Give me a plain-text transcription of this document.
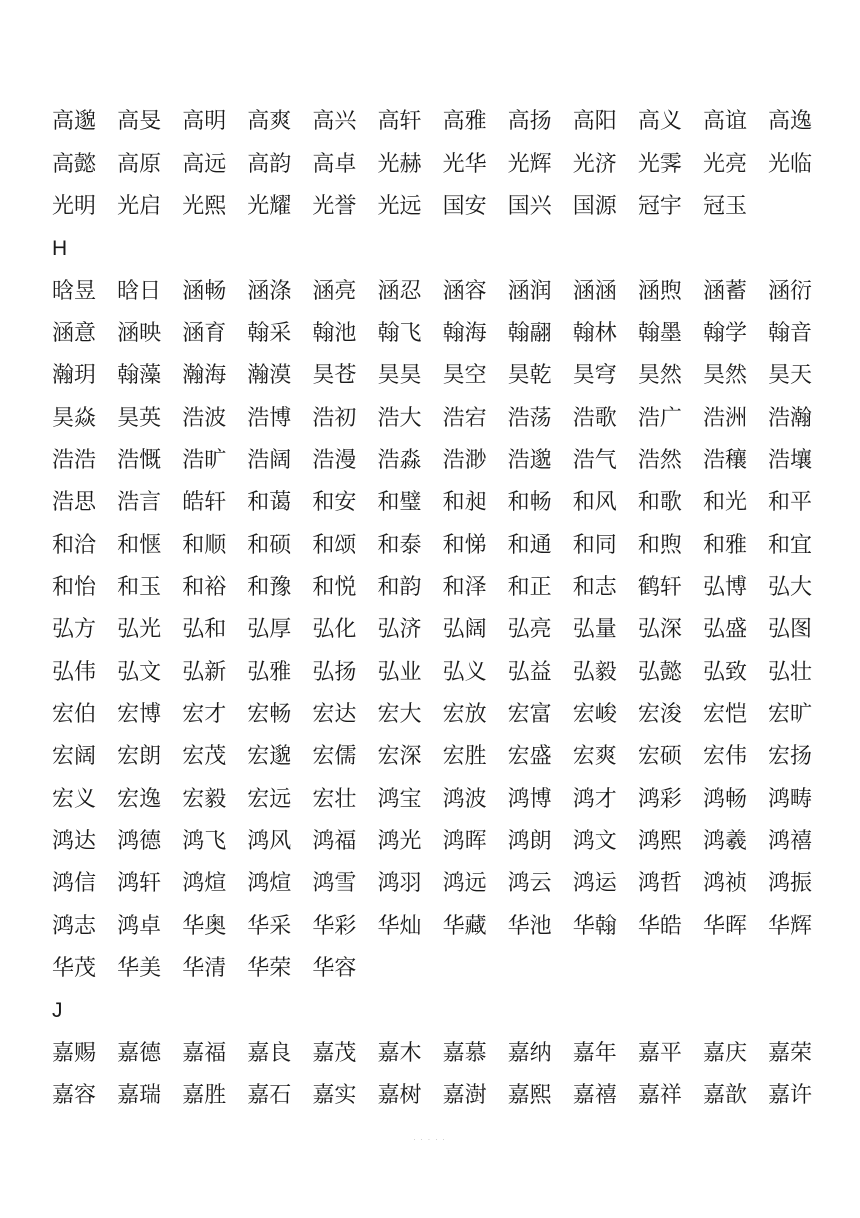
高邈 高旻 高明 高爽 高兴 高轩 高雅 高扬 高阳 高义 高谊 高逸
高懿 高原 高远 高韵 高卓 光赫 光华 光辉 光济 光霁 光亮 光临
光明 光启 光熙 光耀 光誉 光远 国安 国兴 国源 冠宇 冠玉
H
晗昱 晗日 涵畅 涵涤 涵亮 涵忍 涵容 涵润 涵涵 涵煦 涵蓄 涵衍
涵意 涵映 涵育 翰采 翰池 翰飞 翰海 翰翮 翰林 翰墨 翰学 翰音
瀚玥 翰藻 瀚海 瀚漠 昊苍 昊昊 昊空 昊乾 昊穹 昊然 昊然 昊天
昊焱 昊英 浩波 浩博 浩初 浩大 浩宕 浩荡 浩歌 浩广 浩洲 浩瀚
浩浩 浩慨 浩旷 浩阔 浩漫 浩淼 浩渺 浩邈 浩气 浩然 浩穰 浩壤
浩思 浩言 皓轩 和蔼 和安 和璧 和昶 和畅 和风 和歌 和光 和平
和洽 和惬 和顺 和硕 和颂 和泰 和悌 和通 和同 和煦 和雅 和宜
和怡 和玉 和裕 和豫 和悦 和韵 和泽 和正 和志 鹤轩 弘博 弘大
弘方 弘光 弘和 弘厚 弘化 弘济 弘阔 弘亮 弘量 弘深 弘盛 弘图
弘伟 弘文 弘新 弘雅 弘扬 弘业 弘义 弘益 弘毅 弘懿 弘致 弘壮
宏伯 宏博 宏才 宏畅 宏达 宏大 宏放 宏富 宏峻 宏浚 宏恺 宏旷
宏阔 宏朗 宏茂 宏邈 宏儒 宏深 宏胜 宏盛 宏爽 宏硕 宏伟 宏扬
宏义 宏逸 宏毅 宏远 宏壮 鸿宝 鸿波 鸿博 鸿才 鸿彩 鸿畅 鸿畴
鸿达 鸿德 鸿飞 鸿风 鸿福 鸿光 鸿晖 鸿朗 鸿文 鸿熙 鸿羲 鸿禧
鸿信 鸿轩 鸿煊 鸿煊 鸿雪 鸿羽 鸿远 鸿云 鸿运 鸿哲 鸿祯 鸿振
鸿志 鸿卓 华奥 华采 华彩 华灿 华藏 华池 华翰 华皓 华晖 华辉
华茂 华美 华清 华荣 华容
J
嘉赐 嘉德 嘉福 嘉良 嘉茂 嘉木 嘉慕 嘉纳 嘉年 嘉平 嘉庆 嘉荣
嘉容 嘉瑞 嘉胜 嘉石 嘉实 嘉树 嘉澍 嘉熙 嘉禧 嘉祥 嘉歆 嘉许
. . . . .
